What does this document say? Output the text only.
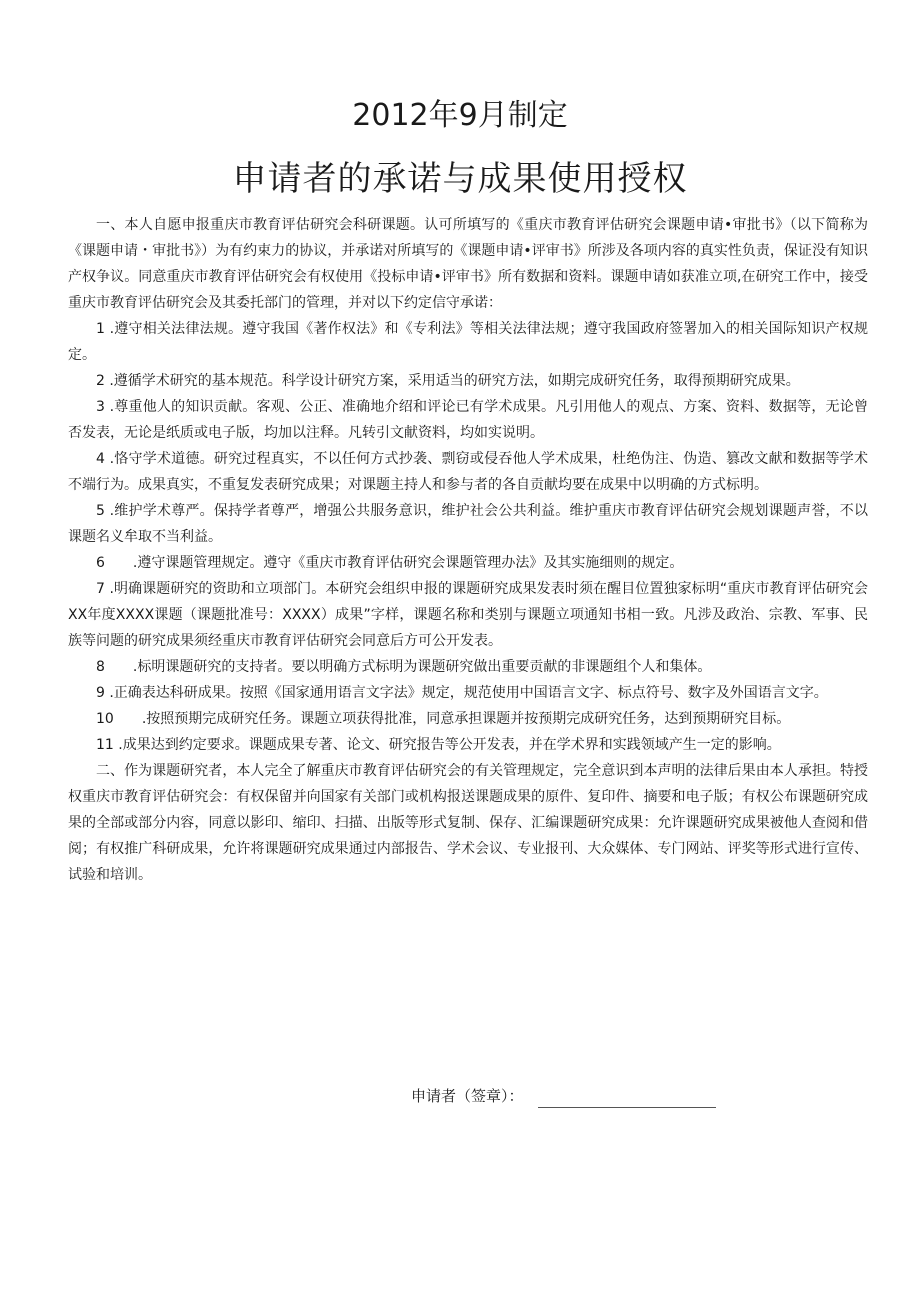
2012年9月制定
申请者的承诺与成果使用授权

一、本人自愿申报重庆市教育评估研究会科研课题。认可所填写的《重庆市教育评估研究会课题申请•审批书》（以下简称为《课题申请・审批书》）为有约束力的协议，并承诺对所填写的《课题申请•评审书》所涉及各项内容的真实性负责，保证没有知识产权争议。同意重庆市教育评估研究会有权使用《投标申请•评审书》所有数据和资料。课题申请如获准立项,在研究工作中，接受重庆市教育评估研究会及其委托部门的管理，并对以下约定信守承诺：

1 .遵守相关法律法规。遵守我国《著作权法》和《专利法》等相关法律法规；遵守我国政府签署加入的相关国际知识产权规定。

2 .遵循学术研究的基本规范。科学设计研究方案，采用适当的研究方法，如期完成研究任务，取得预期研究成果。

3 .尊重他人的知识贡献。客观、公正、准确地介绍和评论已有学术成果。凡引用他人的观点、方案、资料、数据等，无论曾否发表，无论是纸质或电子版，均加以注释。凡转引文献资料，均如实说明。

4 .恪守学术道德。研究过程真实，不以任何方式抄袭、剽窃或侵吞他人学术成果，杜绝伪注、伪造、篡改文献和数据等学术不端行为。成果真实，不重复发表研究成果；对课题主持人和参与者的各自贡献均要在成果中以明确的方式标明。

5 .维护学术尊严。保持学者尊严，增强公共服务意识，维护社会公共利益。维护重庆市教育评估研究会规划课题声誉，不以课题名义牟取不当利益。

6　　.遵守课题管理规定。遵守《重庆市教育评估研究会课题管理办法》及其实施细则的规定。

7 .明确课题研究的资助和立项部门。本研究会组织申报的课题研究成果发表时须在醒目位置独家标明“重庆市教育评估研究会XX年度XXXX课题（课题批准号：XXXX）成果”字样，课题名称和类别与课题立项通知书相一致。凡涉及政治、宗教、军事、民族等问题的研究成果须经重庆市教育评估研究会同意后方可公开发表。

8　　.标明课题研究的支持者。要以明确方式标明为课题研究做出重要贡献的非课题组个人和集体。

9 .正确表达科研成果。按照《国家通用语言文字法》规定，规范使用中国语言文字、标点符号、数字及外国语言文字。

10　　.按照预期完成研究任务。课题立项获得批准，同意承担课题并按预期完成研究任务，达到预期研究目标。

11 .成果达到约定要求。课题成果专著、论文、研究报告等公开发表，并在学术界和实践领域产生一定的影响。

二、作为课题研究者，本人完全了解重庆市教育评估研究会的有关管理规定，完全意识到本声明的法律后果由本人承担。特授权重庆市教育评估研究会：有权保留并向国家有关部门或机构报送课题成果的原件、复印件、摘要和电子版；有权公布课题研究成果的全部或部分内容，同意以影印、缩印、扫描、出版等形式复制、保存、汇编课题研究成果：允许课题研究成果被他人查阅和借阅；有权推广科研成果，允许将课题研究成果通过内部报告、学术会议、专业报刊、大众媒体、专门网站、评奖等形式进行宣传、试验和培训。

申请者（签章）：
